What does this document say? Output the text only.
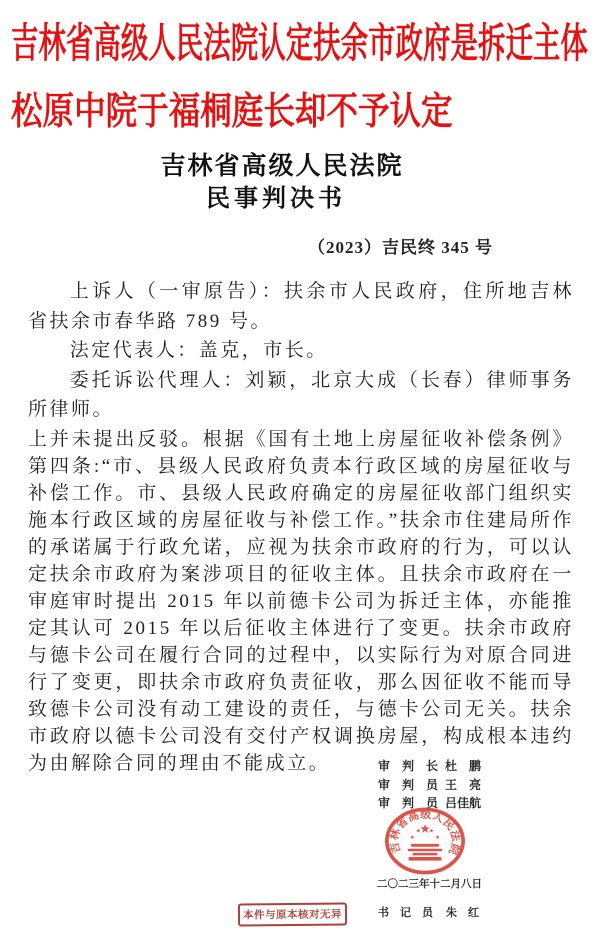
吉林省高级人民法院认定扶余市政府是拆迁主体
松原中院于福桐庭长却不予认定
吉林省高级人民法院
民事判决书
（2023）吉民终 345 号

上诉人（一审原告）：扶余市人民政府，住所地吉林省扶余市春华路 789 号。

法定代表人：盖克，市长。

委托诉讼代理人：刘颖，北京大成（长春）律师事务所律师。

上并未提出反驳。根据《国有土地上房屋征收补偿条例》第四条:“市、县级人民政府负责本行政区域的房屋征收与补偿工作。市、县级人民政府确定的房屋征收部门组织实施本行政区域的房屋征收与补偿工作。”扶余市住建局所作的承诺属于行政允诺，应视为扶余市政府的行为，可以认定扶余市政府为案涉项目的征收主体。且扶余市政府在一审庭审时提出 2015 年以前德卡公司为拆迁主体，亦能推定其认可 2015 年以后征收主体进行了变更。扶余市政府与德卡公司在履行合同的过程中，以实际行为对原合同进行了变更，即扶余市政府负责征收，那么因征收不能而导致德卡公司没有动工建设的责任，与德卡公司无关。扶余市政府以德卡公司没有交付产权调换房屋，构成根本违约为由解除合同的理由不能成立。	审　判　长 杜　鹏
审　判　员 王　亮
审　判　员 吕佳航
二〇二三年十二月八日
书　记　员 朱　红
吉林省高级人民法院
★
★
★ ★
★
本件与原本核对无异
